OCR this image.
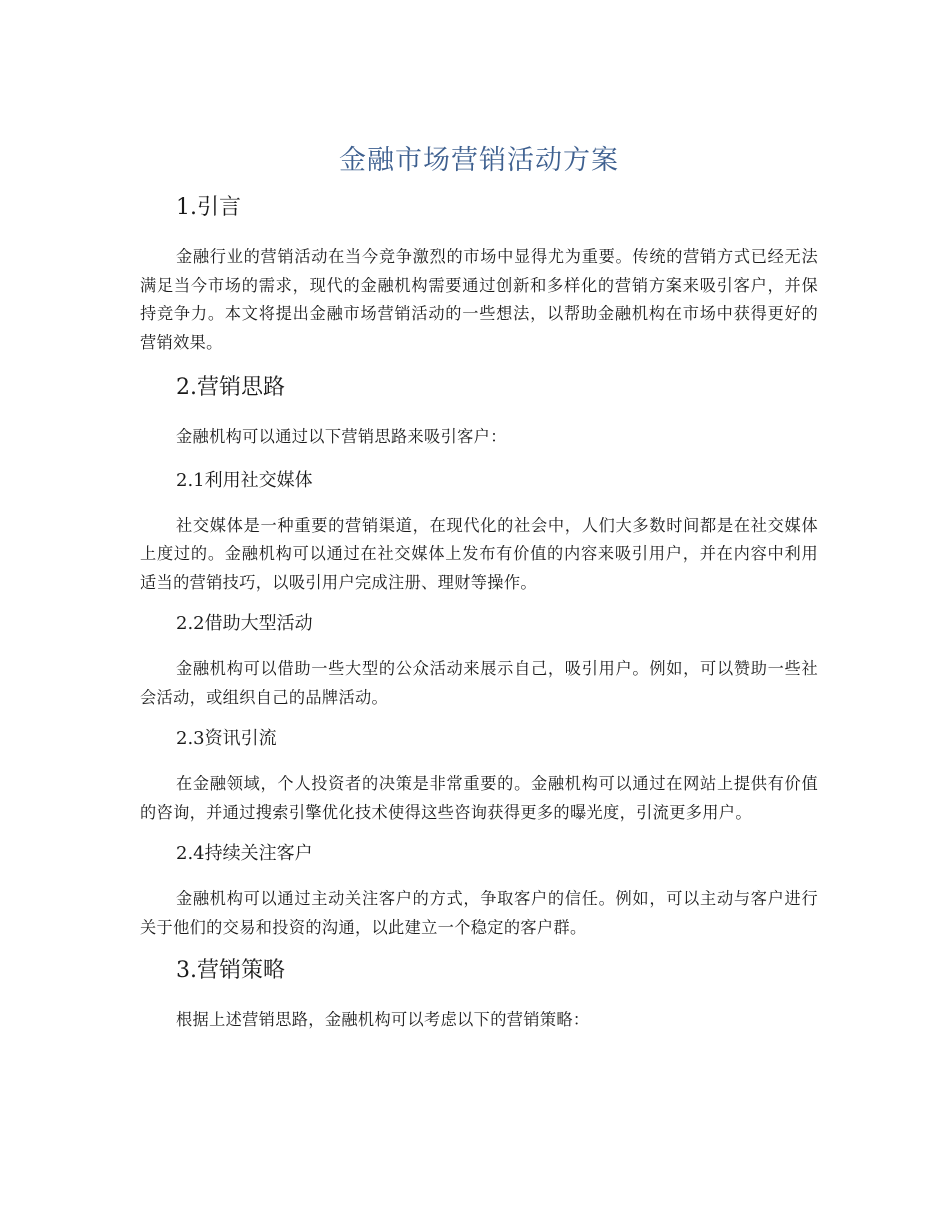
金融市场营销活动方案
1.引言

金融行业的营销活动在当今竞争激烈的市场中显得尤为重要。传统的营销方式已经无法满足当今市场的需求，现代的金融机构需要通过创新和多样化的营销方案来吸引客户，并保持竞争力。本文将提出金融市场营销活动的一些想法，以帮助金融机构在市场中获得更好的营销效果。

2.营销思路

金融机构可以通过以下营销思路来吸引客户：

2.1利用社交媒体

社交媒体是一种重要的营销渠道，在现代化的社会中，人们大多数时间都是在社交媒体上度过的。金融机构可以通过在社交媒体上发布有价值的内容来吸引用户，并在内容中利用适当的营销技巧，以吸引用户完成注册、理财等操作。

2.2借助大型活动

金融机构可以借助一些大型的公众活动来展示自己，吸引用户。例如，可以赞助一些社会活动，或组织自己的品牌活动。

2.3资讯引流

在金融领域，个人投资者的决策是非常重要的。金融机构可以通过在网站上提供有价值的咨询，并通过搜索引擎优化技术使得这些咨询获得更多的曝光度，引流更多用户。

2.4持续关注客户

金融机构可以通过主动关注客户的方式，争取客户的信任。例如，可以主动与客户进行关于他们的交易和投资的沟通，以此建立一个稳定的客户群。

3.营销策略

根据上述营销思路，金融机构可以考虑以下的营销策略：
